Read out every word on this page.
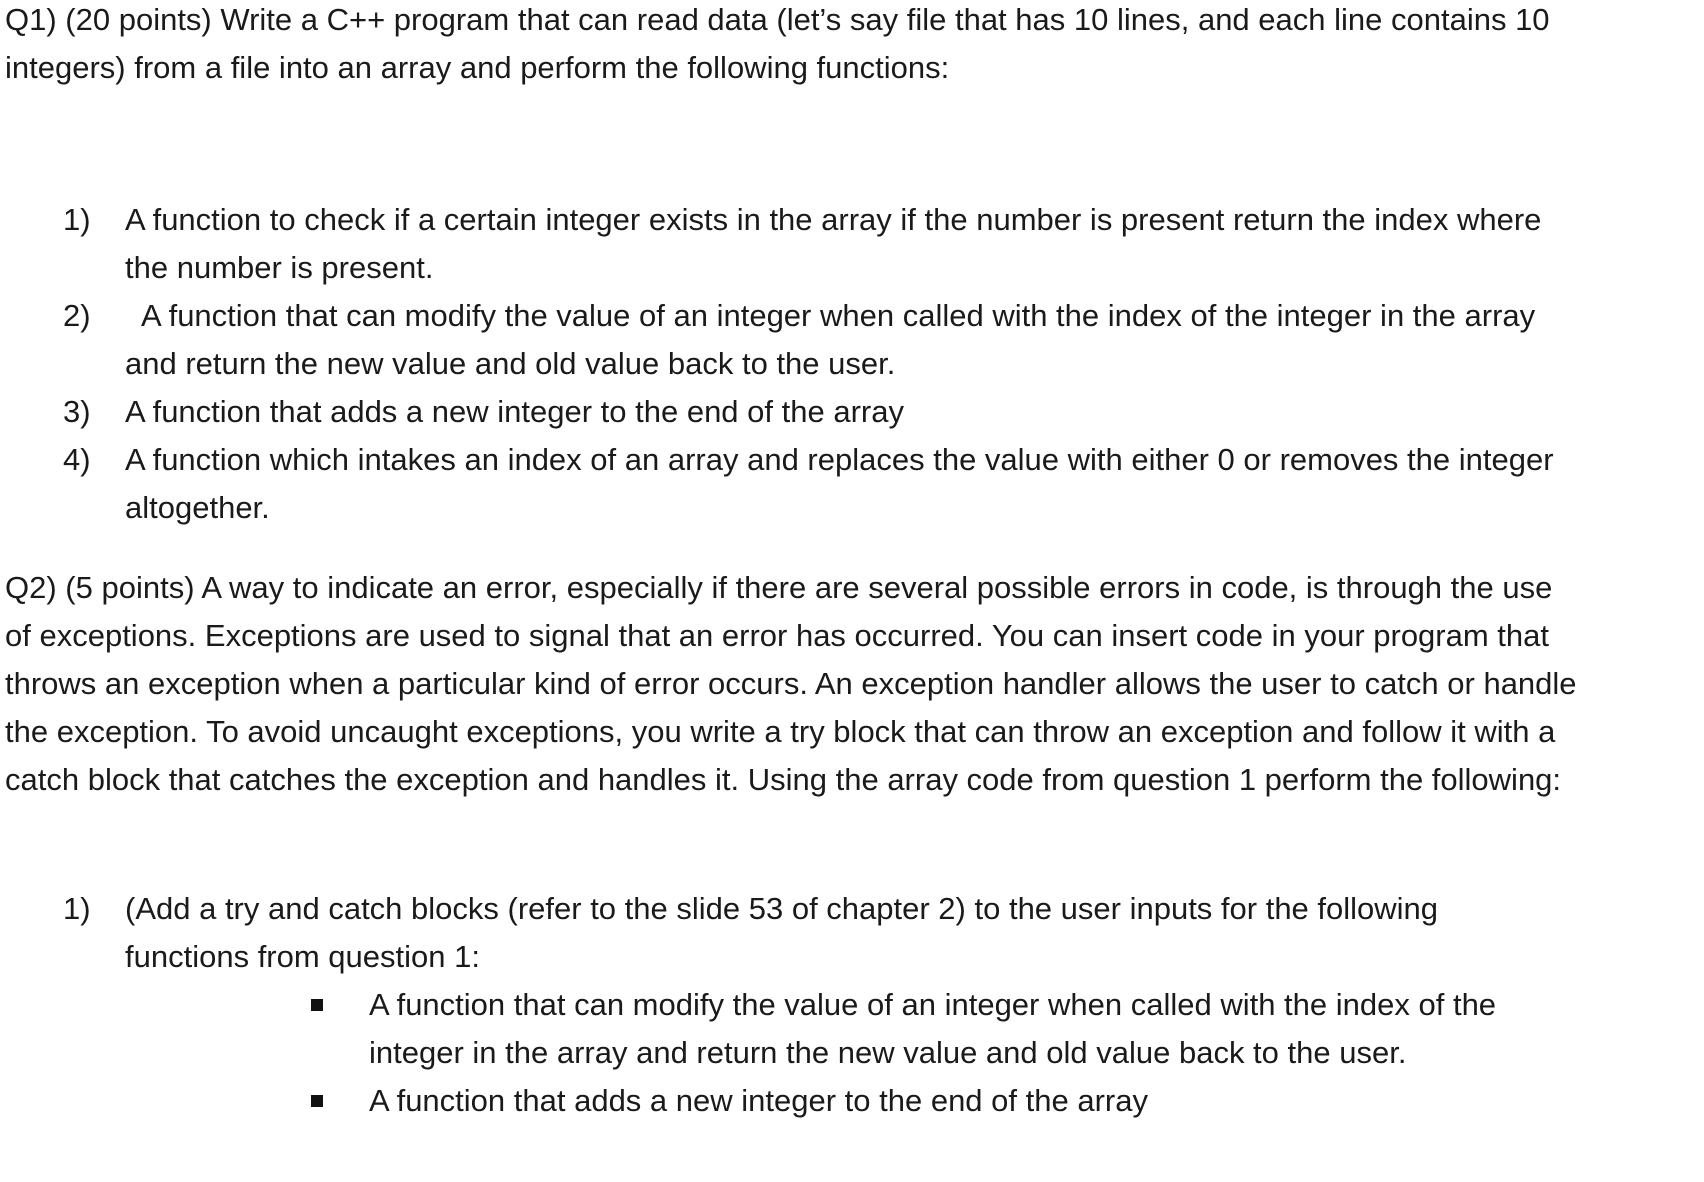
Q1) (20 points) Write a C++ program that can read data (let’s say file that has 10 lines, and each line contains 10 integers) from a file into an array and perform the following functions:

1)	A function to check if a certain integer exists in the array if the number is present return the index where the number is present.
2)	A function that can modify the value of an integer when called with the index of the integer in the array and return the new value and old value back to the user.
3)	A function that adds a new integer to the end of the array
4)	A function which intakes an index of an array and replaces the value with either 0 or removes the integer altogether.

Q2) (5 points) A way to indicate an error, especially if there are several possible errors in code, is through the use of exceptions. Exceptions are used to signal that an error has occurred. You can insert code in your program that throws an exception when a particular kind of error occurs. An exception handler allows the user to catch or handle the exception. To avoid uncaught exceptions, you write a try block that can throw an exception and follow it with a catch block that catches the exception and handles it. Using the array code from question 1 perform the following:

1)	(Add a try and catch blocks (refer to the slide 53 of chapter 2) to the user inputs for the following functions from question 1:
A function that can modify the value of an integer when called with the index of the integer in the array and return the new value and old value back to the user.
A function that adds a new integer to the end of the array
